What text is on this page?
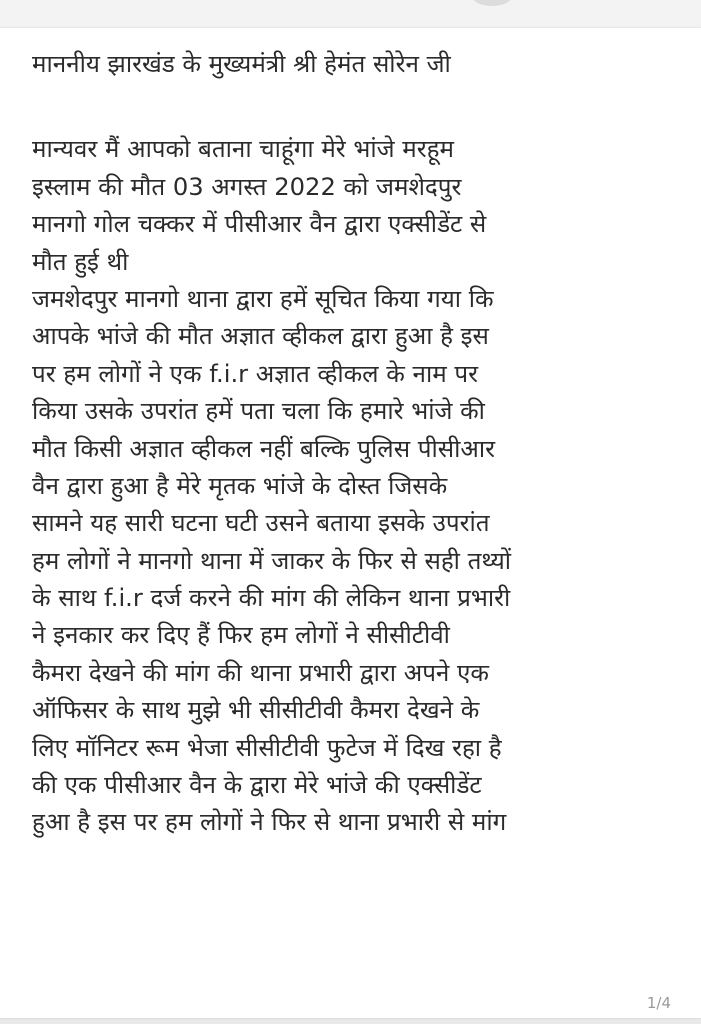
माननीय झारखंड के मुख्यमंत्री श्री हेमंत सोरेन जी
मान्यवर मैं आपको बताना चाहूंगा मेरे भांजे मरहूम
इस्लाम की मौत 03 अगस्त 2022 को जमशेदपुर
मानगो गोल चक्कर में पीसीआर वैन द्वारा एक्सीडेंट से
मौत हुई थी
जमशेदपुर मानगो थाना द्वारा हमें सूचित किया गया कि
आपके भांजे की मौत अज्ञात व्हीकल द्वारा हुआ है इस
पर हम लोगों ने एक f.i.r अज्ञात व्हीकल के नाम पर
किया उसके उपरांत हमें पता चला कि हमारे भांजे की
मौत किसी अज्ञात व्हीकल नहीं बल्कि पुलिस पीसीआर
वैन द्वारा हुआ है मेरे मृतक भांजे के दोस्त जिसके
सामने यह सारी घटना घटी उसने बताया इसके उपरांत
हम लोगों ने मानगो थाना में जाकर के फिर से सही तथ्यों
के साथ f.i.r दर्ज करने की मांग की लेकिन थाना प्रभारी
ने इनकार कर दिए हैं फिर हम लोगों ने सीसीटीवी
कैमरा देखने की मांग की थाना प्रभारी द्वारा अपने एक
ऑफिसर के साथ मुझे भी सीसीटीवी कैमरा देखने के
लिए मॉनिटर रूम भेजा सीसीटीवी फुटेज में दिख रहा है
की एक पीसीआर वैन के द्वारा मेरे भांजे की एक्सीडेंट
हुआ है इस पर हम लोगों ने फिर से थाना प्रभारी से मांग
1/4
